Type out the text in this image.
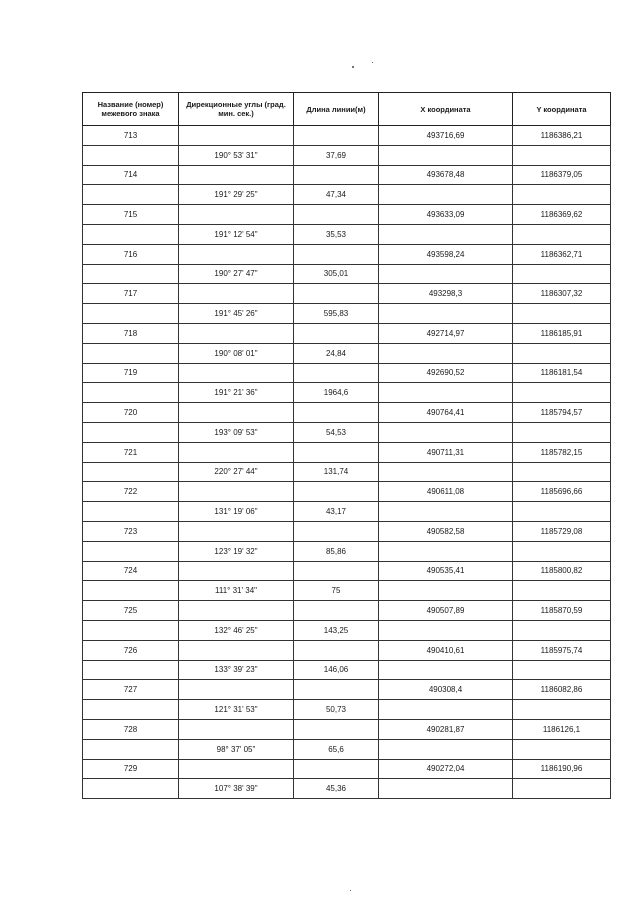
Название (номер) межевого знака	Дирекционные углы (град. мин. сек.)	Длина линии(м)	X координата	Y координата
713			493716,69	1186386,21
	190° 53' 31"	37,69		
714			493678,48	1186379,05
	191° 29' 25"	47,34		
715			493633,09	1186369,62
	191° 12' 54"	35,53		
716			493598,24	1186362,71
	190° 27' 47"	305,01		
717			493298,3	1186307,32
	191° 45' 26"	595,83		
718			492714,97	1186185,91
	190° 08' 01"	24,84		
719			492690,52	1186181,54
	191° 21' 36"	1964,6		
720			490764,41	1185794,57
	193° 09' 53"	54,53		
721			490711,31	1185782,15
	220° 27' 44"	131,74		
722			490611,08	1185696,66
	131° 19' 06"	43,17		
723			490582,58	1185729,08
	123° 19' 32"	85,86		
724			490535,41	1185800,82
	111° 31' 34"	75		
725			490507,89	1185870,59
	132° 46' 25"	143,25		
726			490410,61	1185975,74
	133° 39' 23"	146,06		
727			490308,4	1186082,86
	121° 31' 53"	50,73		
728			490281,87	1186126,1
	98° 37' 05"	65,6		
729			490272,04	1186190,96
	107° 38' 39"	45,36		
